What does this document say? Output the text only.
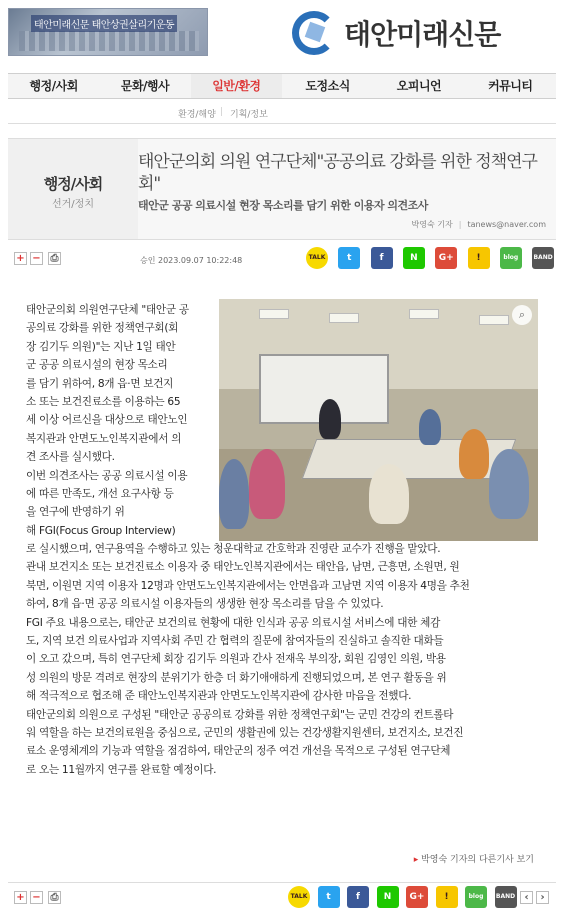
태안미래신문 태안상권살리기운동	태안미래신문
행정/사회	문화/행사	일반/환경	도정소식	오피니언	커뮤니티
환경/해양 | 기획/정보
행정/사회
선거/정치
태안군의회 의원 연구단체"공공의료 강화를 위한 정책연구회"
태안군 공공 의료시설 현장 목소리를 담기 위한 이용자 의견조사
박영숙 기자 | tanews@naver.com
+ − ⎙	승인 2023.09.07 10:22:48	TALK	t	f	N	G+	!	blog	BAND
⌕
태안군의회 의원연구단체 "태안군 공
공의료 강화를 위한 정책연구회(회
장 김기두 의원)"는 지난 1일 태안
군 공공 의료시설의 현장 목소리
를 담기 위하여, 8개 읍·면 보건지
소 또는 보건진료소를 이용하는 65
세 이상 어르신을 대상으로 태안노인
복지관과 안면도노인복지관에서 의
견 조사를 실시했다.
이번 의견조사는 공공 의료시설 이용
에 따른 만족도, 개선 요구사항 등
을 연구에 반영하기 위
해 FGI(Focus Group Interview)
로 실시했으며, 연구용역을 수행하고 있는 청운대학교 간호학과 진영란 교수가 진행을 맡았다.
관내 보건지소 또는 보건진료소 이용자 중 태안노인복지관에서는 태안읍, 남면, 근흥면, 소원면, 원
북면, 이원면 지역 이용자 12명과 안면도노인복지관에서는 안면읍과 고남면 지역 이용자 4명을 추천
하여, 8개 읍·면 공공 의료시설 이용자들의 생생한 현장 목소리를 담을 수 있었다.
FGI 주요 내용으로는, 태안군 보건의료 현황에 대한 인식과 공공 의료시설 서비스에 대한 체감
도, 지역 보건 의료사업과 지역사회 주민 간 협력의 질문에 참여자들의 진실하고 솔직한 대화들
이 오고 갔으며, 특히 연구단체 회장 김기두 의원과 간사 전재옥 부의장, 회원 김영인 의원, 박용
성 의원의 방문 격려로 현장의 분위기가 한층 더 화기애애하게 진행되었으며, 본 연구 활동을 위
해 적극적으로 협조해 준 태안노인복지관과 안면도노인복지관에 감사한 마음을 전했다.
태안군의회 의원으로 구성된 "태안군 공공의료 강화를 위한 정책연구회"는 군민 건강의 컨트롤타
워 역할을 하는 보건의료원을 중심으로, 군민의 생활권에 있는 건강생활지원센터, 보건지소, 보건진
료소 운영체계의 기능과 역할을 점검하여, 태안군의 정주 여건 개선을 목적으로 구성된 연구단체
로 오는 11월까지 연구를 완료할 예정이다.
▸ 박영숙 기자의 다른기사 보기
+ − ⎙	TALK	t	f	N	G+	!	blog	BAND ‹	›
